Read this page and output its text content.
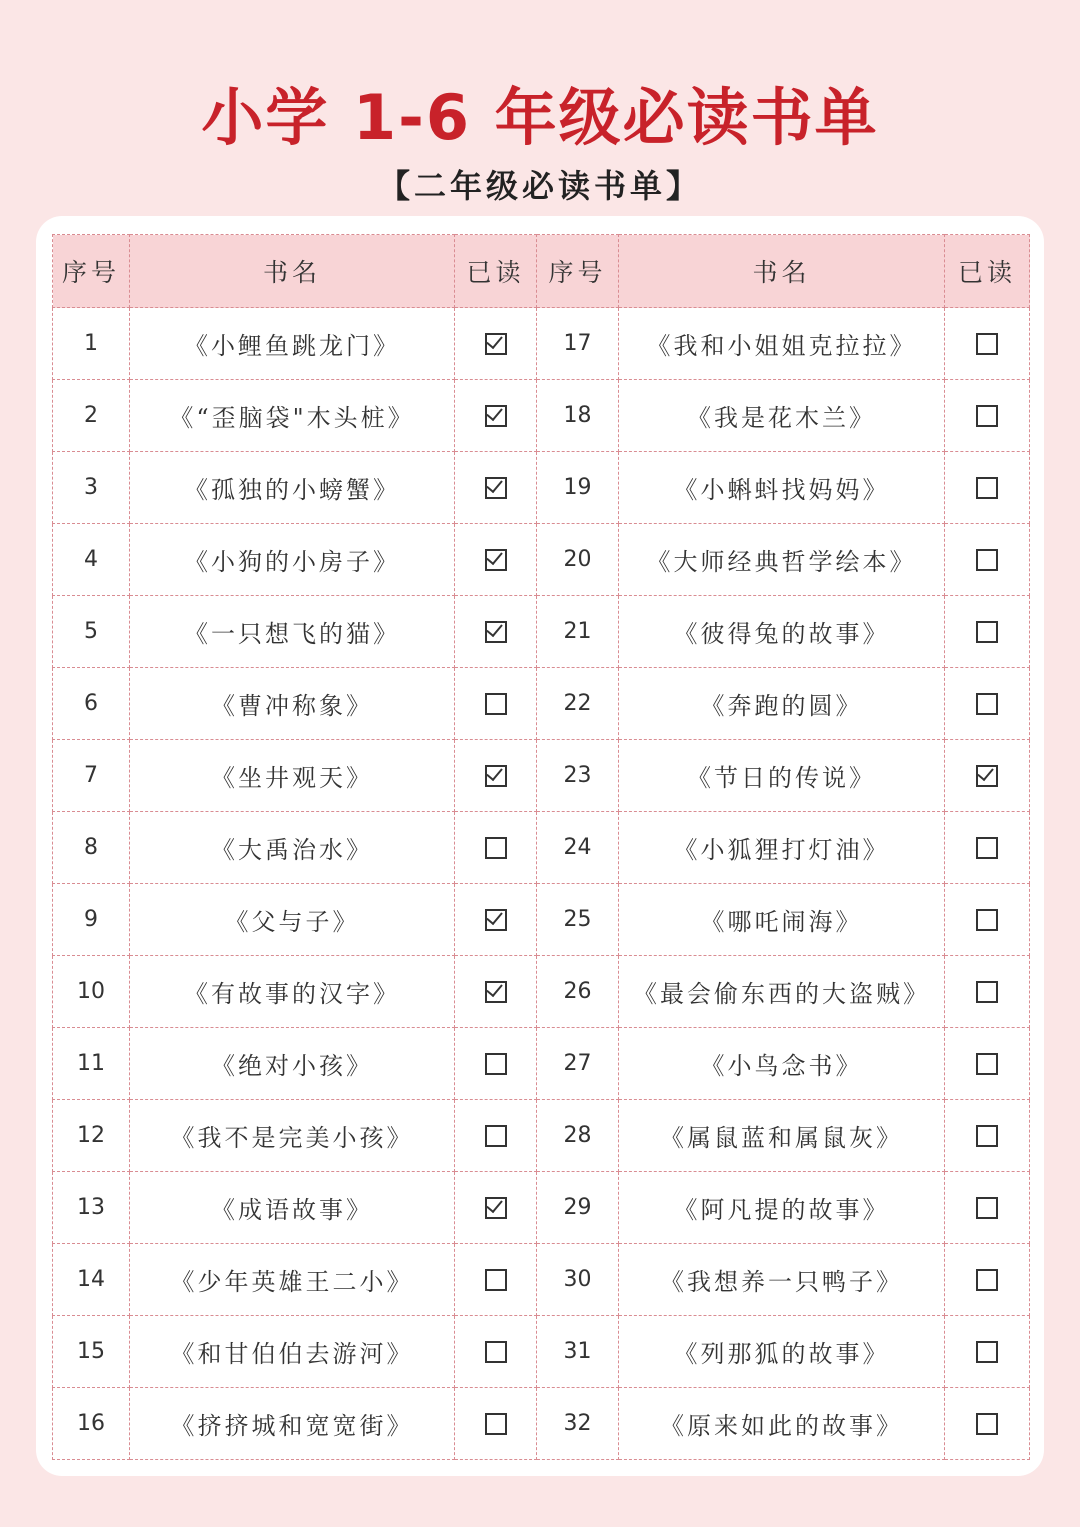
小学 1-6 年级必读书单
【二年级必读书单】
序号	书名	已读	序号	书名	已读
1	《小鲤鱼跳龙门》		17	《我和小姐姐克拉拉》	
2	《“歪脑袋"木头桩》		18	《我是花木兰》	
3	《孤独的小螃蟹》		19	《小蝌蚪找妈妈》	
4	《小狗的小房子》		20	《大师经典哲学绘本》	
5	《一只想飞的猫》		21	《彼得兔的故事》	
6	《曹冲称象》		22	《奔跑的圆》	
7	《坐井观天》		23	《节日的传说》	
8	《大禹治水》		24	《小狐狸打灯油》	
9	《父与子》		25	《哪吒闹海》	
10	《有故事的汉字》		26	《最会偷东西的大盗贼》	
11	《绝对小孩》		27	《小鸟念书》	
12	《我不是完美小孩》		28	《属鼠蓝和属鼠灰》	
13	《成语故事》		29	《阿凡提的故事》	
14	《少年英雄王二小》		30	《我想养一只鸭子》	
15	《和甘伯伯去游河》		31	《列那狐的故事》	
16	《挤挤城和宽宽街》		32	《原来如此的故事》	
